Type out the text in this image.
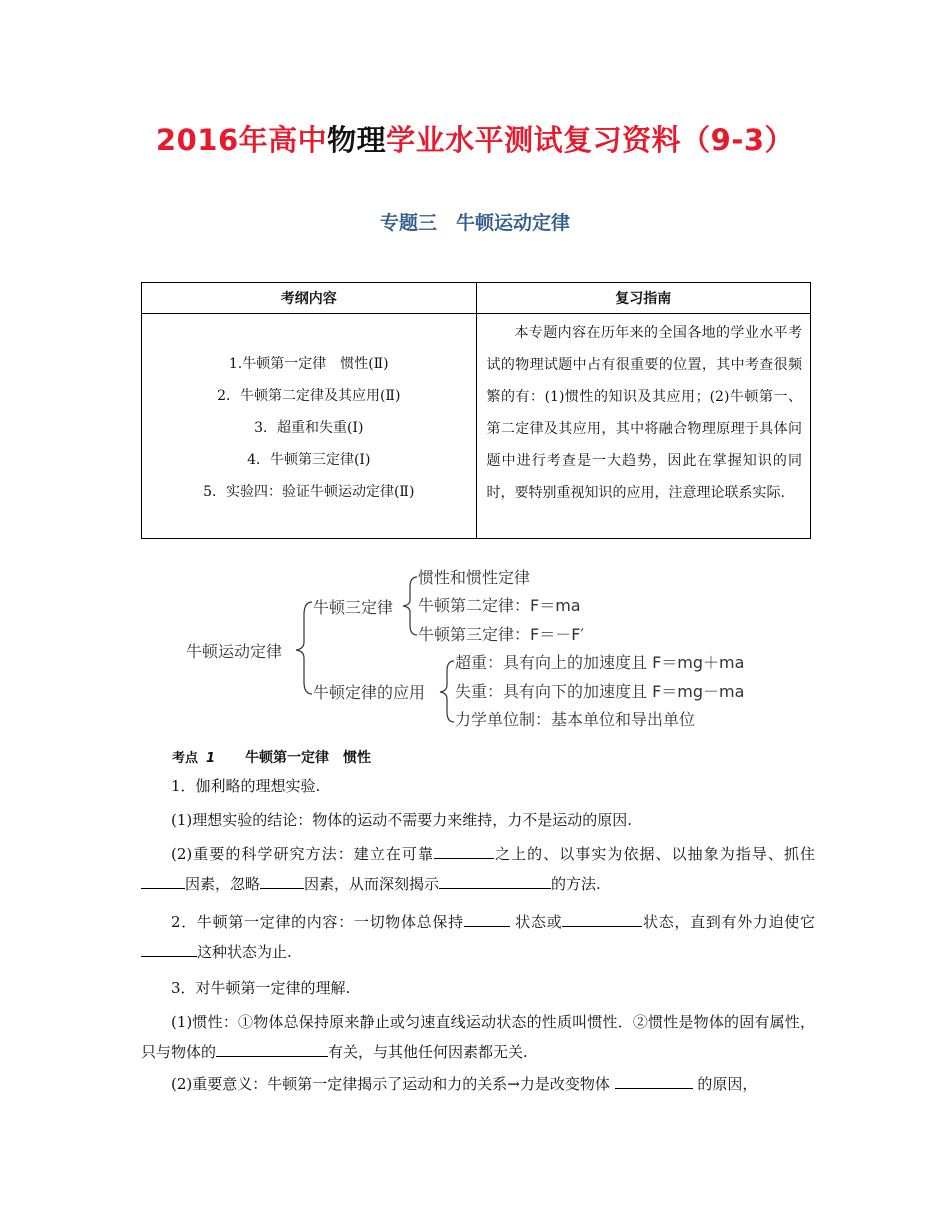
2016年高中物理学业水平测试复习资料（9-3）
专题三　牛顿运动定律
考纲内容	复习指南

1.牛顿第一定律　惯性(Ⅱ)
2．牛顿第二定律及其应用(Ⅱ)
3．超重和失重(Ⅰ)
4．牛顿第三定律(Ⅰ)
5．实验四：验证牛顿运动定律(Ⅱ)	本专题内容在历年来的全国各地的学业水平考试的物理试题中占有很重要的位置，其中考查很频繁的有：(1)惯性的知识及其应用；(2)牛顿第一、第二定律及其应用，其中将融合物理原理于具体问题中进行考查是一大趋势，因此在掌握知识的同时，要特别重视知识的应用，注意理论联系实际.
牛顿运动定律
牛顿三定律
惯性和惯性定律
牛顿第二定律：F＝ma
牛顿第三定律：F＝－F′
牛顿定律的应用
超重：具有向上的加速度且 F＝mg＋ma
失重：具有向下的加速度且 F＝mg－ma
力学单位制：基本单位和导出单位
考点 1 牛顿第一定律　惯性
1．伽利略的理想实验.
(1)理想实验的结论：物体的运动不需要力来维持，力不是运动的原因.
(2)重要的科学研究方法：建立在可靠	之上的、以事实为依据、以抽象为指导、抓住因素，忽略	因素，从而深刻揭示	的方法.
2．牛顿第一定律的内容：一切物体总保持	状态或	状态，直到有外力迫使它这种状态为止.
3．对牛顿第一定律的理解.
(1)惯性：①物体总保持原来静止或匀速直线运动状态的性质叫惯性．②惯性是物体的固有属性，只与物体的	有关，与其他任何因素都无关.
(2)重要意义：牛顿第一定律揭示了运动和力的关系→力是改变物体	的原因，
